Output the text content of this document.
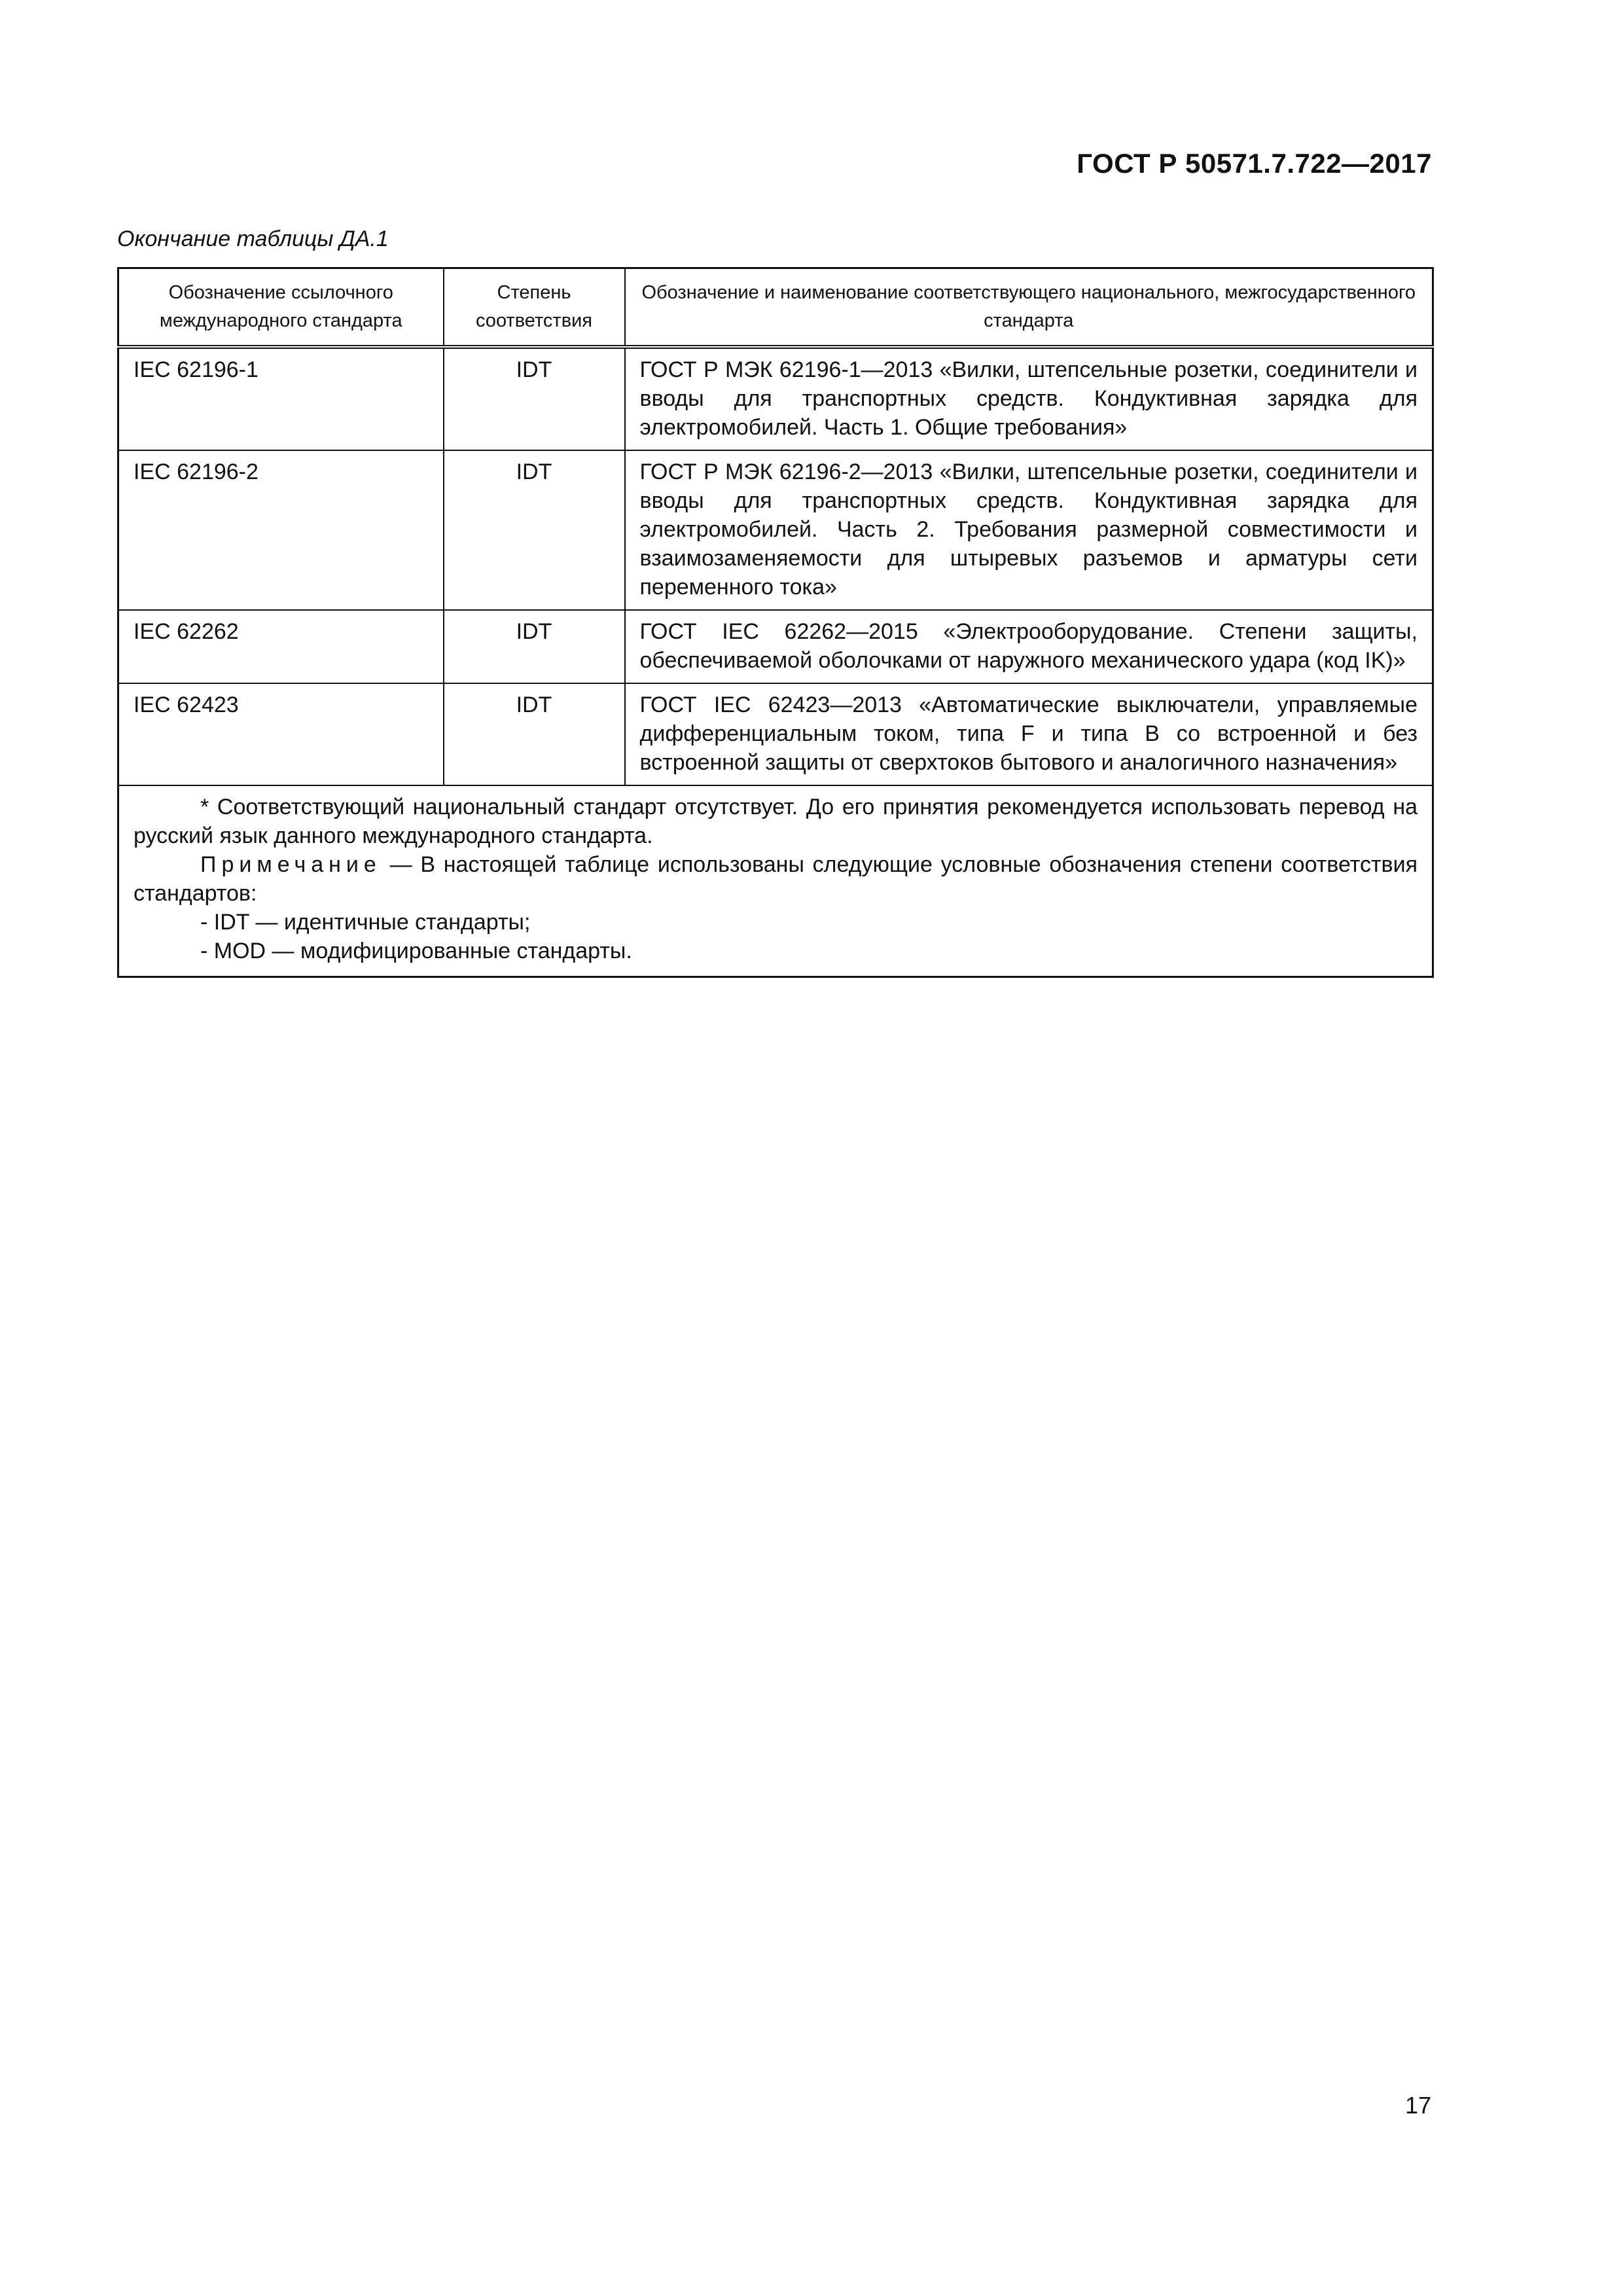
ГОСТ Р 50571.7.722—2017
Окончание таблицы ДА.1
Обозначение ссылочного международного стандарта	Степень соответствия	Обозначение и наименование соответствующего национального, межгосударственного стандарта
IEC 62196-1	IDT	ГОСТ Р МЭК 62196-1—2013 «Вилки, штепсельные розетки, соединители и вводы для транспортных средств. Кондуктивная зарядка для электромобилей. Часть 1. Общие требования»
IEC 62196-2	IDT	ГОСТ Р МЭК 62196-2—2013 «Вилки, штепсельные розетки, соединители и вводы для транспортных средств. Кондуктивная зарядка для электромобилей. Часть 2. Требования размерной совместимости и взаимозаменяемости для штыревых разъемов и арматуры сети переменного тока»
IEC 62262	IDT	ГОСТ IEC 62262—2015 «Электрооборудование. Степени защиты, обеспечиваемой оболочками от наружного механического удара (код IK)»
IEC 62423	IDT	ГОСТ IEC 62423—2013 «Автоматические выключатели, управляемые дифференциальным током, типа F и типа B со встроенной и без встроенной защиты от сверхтоков бытового и аналогичного назначения»

* Соответствующий национальный стандарт отсутствует. До его принятия рекомендуется использовать перевод на русский язык данного международного стандарта.
Примечание — В настоящей таблице использованы следующие условные обозначения степени соответствия стандартов:
- IDT — идентичные стандарты;
- MOD — модифицированные стандарты.		
17
